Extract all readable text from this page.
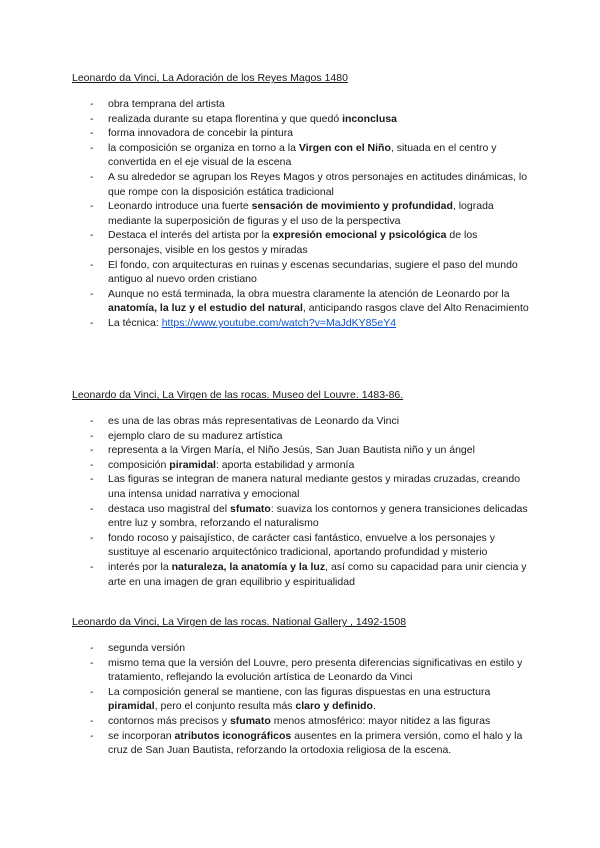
Leonardo da Vinci, La Adoración de los Reyes Magos 1480

- obra temprana del artista
- realizada durante su etapa florentina y que quedó inconclusa
- forma innovadora de concebir la pintura
- la composición se organiza en torno a la Virgen con el Niño, situada en el centro y convertida en el eje visual de la escena
- A su alrededor se agrupan los Reyes Magos y otros personajes en actitudes dinámicas, lo que rompe con la disposición estática tradicional
- Leonardo introduce una fuerte sensación de movimiento y profundidad, lograda mediante la superposición de figuras y el uso de la perspectiva
- Destaca el interés del artista por la expresión emocional y psicológica de los personajes, visible en los gestos y miradas
- El fondo, con arquitecturas en ruinas y escenas secundarias, sugiere el paso del mundo antiguo al nuevo orden cristiano
- Aunque no está terminada, la obra muestra claramente la atención de Leonardo por la anatomía, la luz y el estudio del natural, anticipando rasgos clave del Alto Renacimiento
- La técnica: https://www.youtube.com/watch?v=MaJdKY85eY4

Leonardo da Vinci, La Virgen de las rocas. Museo del Louvre. 1483-86.

- es una de las obras más representativas de Leonardo da Vinci
- ejemplo claro de su madurez artística
- representa a la Virgen María, el Niño Jesús, San Juan Bautista niño y un ángel
- composición piramidal: aporta estabilidad y armonía
- Las figuras se integran de manera natural mediante gestos y miradas cruzadas, creando una intensa unidad narrativa y emocional
- destaca uso magistral del sfumato: suaviza los contornos y genera transiciones delicadas entre luz y sombra, reforzando el naturalismo
- fondo rocoso y paisajístico, de carácter casi fantástico, envuelve a los personajes y sustituye al escenario arquitectónico tradicional, aportando profundidad y misterio
- interés por la naturaleza, la anatomía y la luz, así como su capacidad para unir ciencia y arte en una imagen de gran equilibrio y espiritualidad

Leonardo da Vinci, La Virgen de las rocas. National Gallery , 1492-1508

- segunda versión
- mismo tema que la versión del Louvre, pero presenta diferencias significativas en estilo y tratamiento, reflejando la evolución artística de Leonardo da Vinci
- La composición general se mantiene, con las figuras dispuestas en una estructura piramidal, pero el conjunto resulta más claro y definido.
- contornos más precisos y sfumato menos atmosférico: mayor nitidez a las figuras
- se incorporan atributos iconográficos ausentes en la primera versión, como el halo y la cruz de San Juan Bautista, reforzando la ortodoxia religiosa de la escena.
